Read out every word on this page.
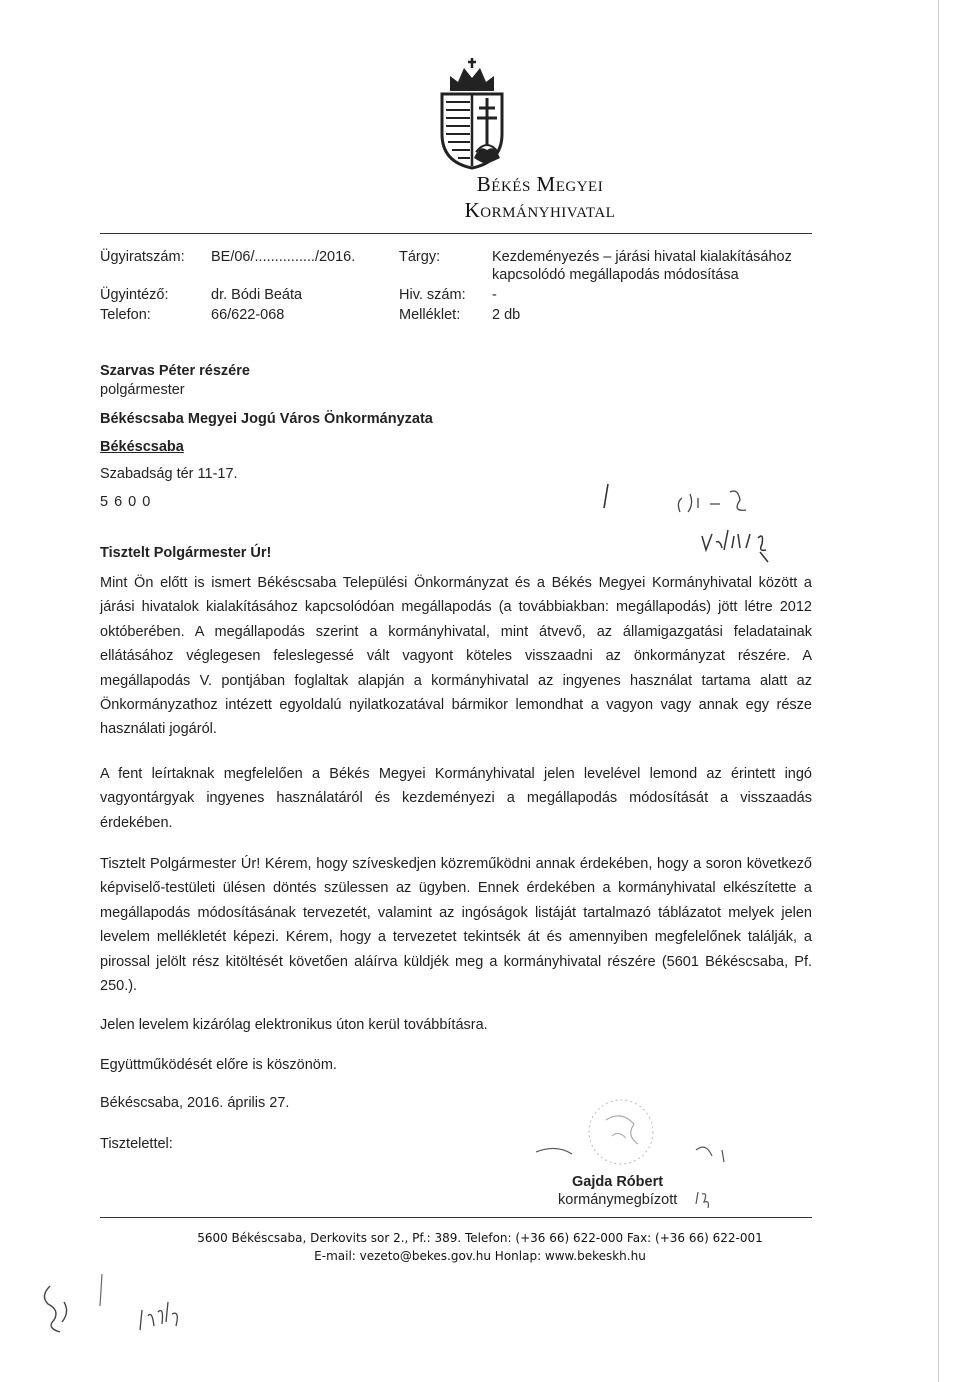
Békés Megyei
Kormányhivatal
Ügyiratszám: BE/06/.............../2016.	Tárgy:	Kezdeményezés – járási hivatal kialakításához
kapcsolódó megállapodás módosítása
Ügyintéző:	dr. Bódi Beáta	Hiv. szám: -
Telefon:	66/622-068	Melléklet: 2 db
Szarvas Péter részére
polgármester
Békéscsaba Megyei Jogú Város Önkormányzata
Békéscsaba
Szabadság tér 11-17.
5 6 0 0
Tisztelt Polgármester Úr!

Mint Ön előtt is ismert Békéscsaba Települési Önkormányzat és a Békés Megyei Kormányhivatal között a járási hivatalok kialakításához kapcsolódóan megállapodás (a továbbiakban: megállapodás) jött létre 2012 októberében. A megállapodás szerint a kormányhivatal, mint átvevő, az államigazgatási feladatainak ellátásához véglegesen feleslegessé vált vagyont köteles visszaadni az önkormányzat részére. A megállapodás V. pontjában foglaltak alapján a kormányhivatal az ingyenes használat tartama alatt az Önkormányzathoz intézett egyoldalú nyilatkozatával bármikor lemondhat a vagyon vagy annak egy része használati jogáról.

A fent leírtaknak megfelelően a Békés Megyei Kormányhivatal jelen levelével lemond az érintett ingó vagyontárgyak ingyenes használatáról és kezdeményezi a megállapodás módosítását a visszaadás érdekében.

Tisztelt Polgármester Úr! Kérem, hogy szíveskedjen közreműködni annak érdekében, hogy a soron következő képviselő-testületi ülésen döntés szülessen az ügyben. Ennek érdekében a kormányhivatal elkészítette a megállapodás módosításának tervezetét, valamint az ingóságok listáját tartalmazó táblázatot melyek jelen levelem mellékletét képezi. Kérem, hogy a tervezetet tekintsék át és amennyiben megfelelőnek találják, a pirossal jelölt rész kitöltését követően aláírva küldjék meg a kormányhivatal részére (5601 Békéscsaba, Pf. 250.).

Jelen levelem kizárólag elektronikus úton kerül továbbításra.

Együttműködését előre is köszönöm.

Békéscsaba, 2016. április 27.
Tisztelettel:
Gajda Róbert
kormánymegbízott
5600 Békéscsaba, Derkovits sor 2., Pf.: 389. Telefon: (+36 66) 622-000 Fax: (+36 66) 622-001
E-mail: vezeto@bekes.gov.hu Honlap: www.bekeskh.hu
